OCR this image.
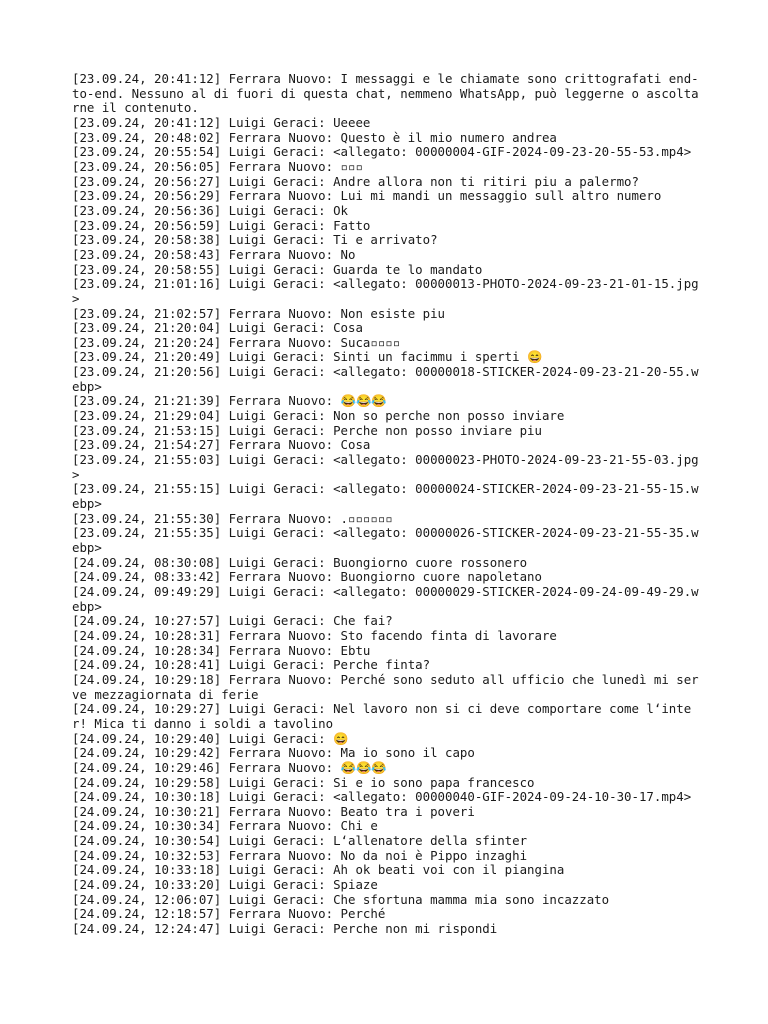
[23.09.24, 20:41:12] Ferrara Nuovo: I messaggi e le chiamate sono crittografati end-to-end. Nessuno al di fuori di questa chat, nemmeno WhatsApp, può leggerne o ascoltarne il contenuto.
[23.09.24, 20:41:12] Luigi Geraci: Ueeee
[23.09.24, 20:48:02] Ferrara Nuovo: Questo è il mio numero andrea
[23.09.24, 20:55:54] Luigi Geraci: <allegato: 00000004-GIF-2024-09-23-20-55-53.mp4>
[23.09.24, 20:56:05] Ferrara Nuovo: ▫▫▫
[23.09.24, 20:56:27] Luigi Geraci: Andre allora non ti ritiri piu a palermo?
[23.09.24, 20:56:29] Ferrara Nuovo: Lui mi mandi un messaggio sull altro numero
[23.09.24, 20:56:36] Luigi Geraci: Ok
[23.09.24, 20:56:59] Luigi Geraci: Fatto
[23.09.24, 20:58:38] Luigi Geraci: Ti e arrivato?
[23.09.24, 20:58:43] Ferrara Nuovo: No
[23.09.24, 20:58:55] Luigi Geraci: Guarda te lo mandato
[23.09.24, 21:01:16] Luigi Geraci: <allegato: 00000013-PHOTO-2024-09-23-21-01-15.jpg>
[23.09.24, 21:02:57] Ferrara Nuovo: Non esiste piu
[23.09.24, 21:20:04] Luigi Geraci: Cosa
[23.09.24, 21:20:24] Ferrara Nuovo: Suca▫▫▫▫
[23.09.24, 21:20:49] Luigi Geraci: Sinti un facimmu i sperti 😄
[23.09.24, 21:20:56] Luigi Geraci: <allegato: 00000018-STICKER-2024-09-23-21-20-55.webp>
[23.09.24, 21:21:39] Ferrara Nuovo: 😂😂😂
[23.09.24, 21:29:04] Luigi Geraci: Non so perche non posso inviare
[23.09.24, 21:53:15] Luigi Geraci: Perche non posso inviare piu
[23.09.24, 21:54:27] Ferrara Nuovo: Cosa
[23.09.24, 21:55:03] Luigi Geraci: <allegato: 00000023-PHOTO-2024-09-23-21-55-03.jpg>
[23.09.24, 21:55:15] Luigi Geraci: <allegato: 00000024-STICKER-2024-09-23-21-55-15.webp>
[23.09.24, 21:55:30] Ferrara Nuovo: .▫▫▫▫▫▫
[23.09.24, 21:55:35] Luigi Geraci: <allegato: 00000026-STICKER-2024-09-23-21-55-35.webp>
[24.09.24, 08:30:08] Luigi Geraci: Buongiorno cuore rossonero
[24.09.24, 08:33:42] Ferrara Nuovo: Buongiorno cuore napoletano
[24.09.24, 09:49:29] Luigi Geraci: <allegato: 00000029-STICKER-2024-09-24-09-49-29.webp>
[24.09.24, 10:27:57] Luigi Geraci: Che fai?
[24.09.24, 10:28:31] Ferrara Nuovo: Sto facendo finta di lavorare
[24.09.24, 10:28:34] Ferrara Nuovo: Ebtu
[24.09.24, 10:28:41] Luigi Geraci: Perche finta?
[24.09.24, 10:29:18] Ferrara Nuovo: Perché sono seduto all ufficio che lunedì mi serve mezzagiornata di ferie
[24.09.24, 10:29:27] Luigi Geraci: Nel lavoro non si ci deve comportare come l‘inter! Mica ti danno i soldi a tavolino
[24.09.24, 10:29:40] Luigi Geraci: 😄
[24.09.24, 10:29:42] Ferrara Nuovo: Ma io sono il capo
[24.09.24, 10:29:46] Ferrara Nuovo: 😂😂😂
[24.09.24, 10:29:58] Luigi Geraci: Si e io sono papa francesco
[24.09.24, 10:30:18] Luigi Geraci: <allegato: 00000040-GIF-2024-09-24-10-30-17.mp4>
[24.09.24, 10:30:21] Ferrara Nuovo: Beato tra i poveri
[24.09.24, 10:30:34] Ferrara Nuovo: Chi e
[24.09.24, 10:30:54] Luigi Geraci: L‘allenatore della sfinter
[24.09.24, 10:32:53] Ferrara Nuovo: No da noi è Pippo inzaghi
[24.09.24, 10:33:18] Luigi Geraci: Ah ok beati voi con il piangina
[24.09.24, 10:33:20] Luigi Geraci: Spiaze
[24.09.24, 12:06:07] Luigi Geraci: Che sfortuna mamma mia sono incazzato
[24.09.24, 12:18:57] Ferrara Nuovo: Perché
[24.09.24, 12:24:47] Luigi Geraci: Perche non mi rispondi
